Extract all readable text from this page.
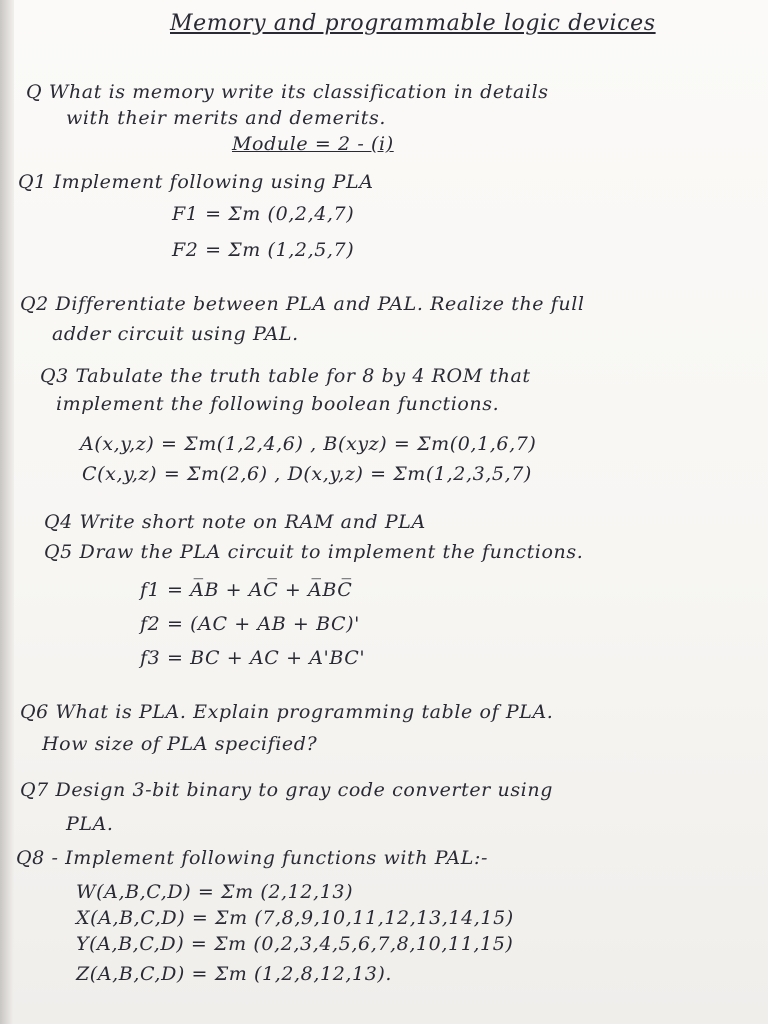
Memory and programmable logic devices
Q What is memory write its classification in details
with their merits and demerits.
Module = 2 - (i)
Q1 Implement following using PLA
F1 = Σm (0,2,4,7)
F2 = Σm (1,2,5,7)
Q2 Differentiate between PLA and PAL. Realize the full
adder circuit using PAL.
Q3 Tabulate the truth table for 8 by 4 ROM that
implement the following boolean functions.
A(x,y,z) = Σm(1,2,4,6) , B(xyz) = Σm(0,1,6,7)
C(x,y,z) = Σm(2,6) , D(x,y,z) = Σm(1,2,3,5,7)
Q4 Write short note on RAM and PLA
Q5 Draw the PLA circuit to implement the functions.
f1 = A̅B + AC̅ + A̅BC̅
f2 = (AC + AB + BC)'
f3 = BC + AC + A'BC'
Q6 What is PLA. Explain programming table of PLA.
How size of PLA specified?
Q7 Design 3-bit binary to gray code converter using
PLA.
Q8 - Implement following functions with PAL:-
W(A,B,C,D) = Σm (2,12,13)
X(A,B,C,D) = Σm (7,8,9,10,11,12,13,14,15)
Y(A,B,C,D) = Σm (0,2,3,4,5,6,7,8,10,11,15)
Z(A,B,C,D) = Σm (1,2,8,12,13).
